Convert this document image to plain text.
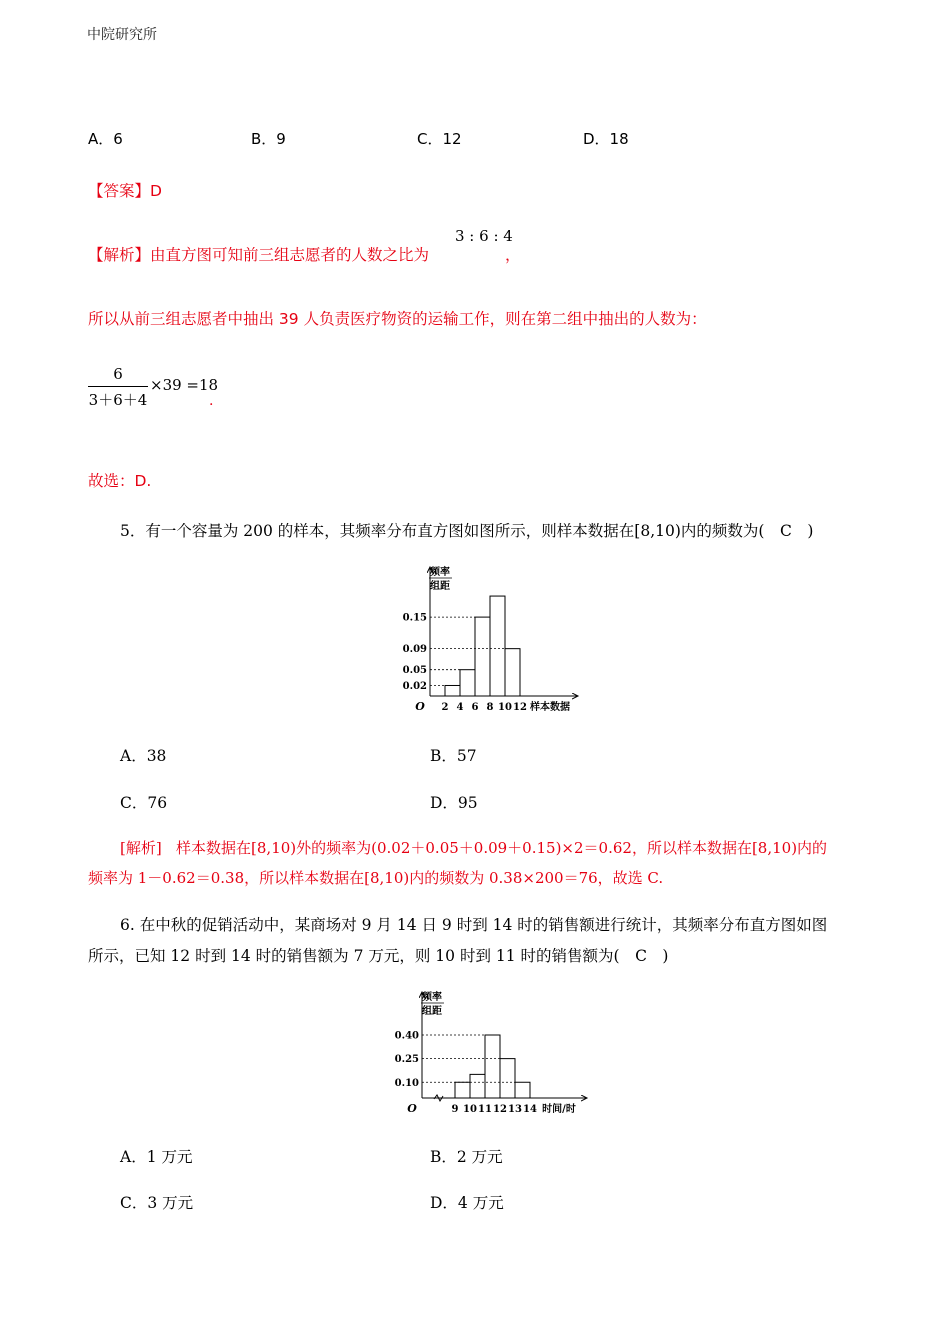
中院研究所
A．6	B．9	C．12	D．18
【答案】D
【解析】由直方图可知前三组志愿者的人数之比为
3 : 6 : 4
，
所以从前三组志愿者中抽出 39 人负责医疗物资的运输工作，则在第二组中抽出的人数为：
6
3＋6＋4
×39 =18
.
故选：D.
5．有一个容量为 200 的样本，其频率分布直方图如图所示，则样本数据在[8,10)内的频数为(　C　)
频率
组距
O
0.02
0.05
0.09
0.15
2 4 6 8 10 12 样本数据
A．38	B．57
C．76	D．95
[解析] 样本数据在[8,10)外的频率为(0.02＋0.05＋0.09＋0.15)×2＝0.62，所以样本数据在[8,10)内的
频率为 1－0.62＝0.38，所以样本数据在[8,10)内的频数为 0.38×200＝76，故选 C.
6. 在中秋的促销活动中，某商场对 9 月 14 日 9 时到 14 时的销售额进行统计，其频率分布直方图如图
所示，已知 12 时到 14 时的销售额为 7 万元，则 10 时到 11 时的销售额为(　C　)
频率
组距
O
0.10
0.25
0.40
9 10 11 12 13 14 时间/时
A．1 万元	B．2 万元
C．3 万元	D．4 万元
